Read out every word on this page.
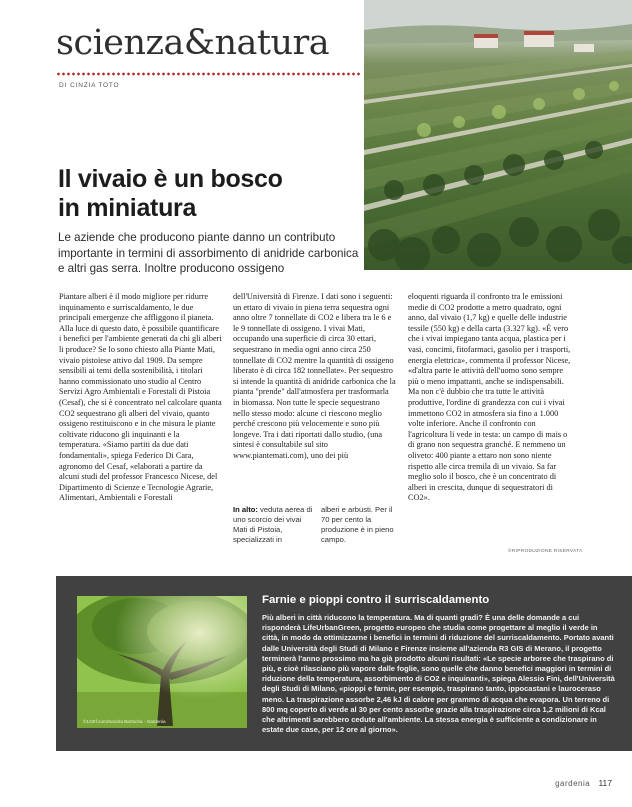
scienza&natura
DI CINZIA TOTO
Il vivaio è un bosco
in miniatura
Le aziende che producono piante danno un contributo importante in termini di assorbimento di anidride carbonica e altri gas serra. Inoltre producono ossigeno
Piantare alberi è il modo migliore per ridurre inquinamento e surriscaldamento, le due principali emergenze che affliggono il pianeta. Alla luce di questo dato, è possibile quantificare i benefici per l'ambiente generati da chi gli alberi li produce? Se lo sono chiesto alla Piante Mati, vivaio pistoiese attivo dal 1909. Da sempre sensibili ai temi della sostenibilità, i titolari hanno commissionato uno studio al Centro Servizi Agro Ambientali e Forestali di Pistoia (Cesaf), che si è concentrato nel calcolare quanta CO2 sequestrano gli alberi del vivaio, quanto ossigeno restituiscono e in che misura le piante coltivate riducono gli inquinanti e la temperatura. «Siamo partiti da due dati fondamentali», spiega Federico Di Cara, agronomo del Cesaf, «elaborati a partire da alcuni studi del professor Francesco Nicese, del Dipartimento di Scienze e Tecnologie Agrarie, Alimentari, Ambientali e Forestali
dell'Università di Firenze. I dati sono i seguenti: un ettaro di vivaio in piena terra sequestra ogni anno oltre 7 tonnellate di CO2 e libera tra le 6 e le 9 tonnellate di ossigeno. I vivai Mati, occupando una superficie di circa 30 ettari, sequestrano in media ogni anno circa 250 tonnellate di CO2 mentre la quantità di ossigeno liberato è di circa 182 tonnellate». Per sequestro si intende la quantità di anidride carbonica che la pianta "prende" dall'atmosfera per trasformarla in biomassa. Non tutte le specie sequestrano nello stesso modo: alcune ci riescono meglio perché crescono più velocemente e sono più longeve. Tra i dati riportati dallo studio, (una sintesi è consultabile sul sito www.piantemati.com), uno dei più
eloquenti riguarda il confronto tra le emissioni medie di CO2 prodotte a metro quadrato, ogni anno, dal vivaio (1,7 kg) e quelle delle industrie tessile (550 kg) e della carta (3.327 kg). «È vero che i vivai impiegano tanta acqua, plastica per i vasi, concimi, fitofarmaci, gasolio per i trasporti, energia elettrica», commenta il professor Nicese, «d'altra parte le attività dell'uomo sono sempre più o meno impattanti, anche se indispensabili. Ma non c'è dubbio che tra tutte le attività produttive, l'ordine di grandezza con cui i vivai immettono CO2 in atmosfera sia fino a 1.000 volte inferiore. Anche il confronto con l'agricoltura li vede in testa: un campo di mais o di grano non sequestra granché. E nemmeno un oliveto: 400 piante a ettaro non sono niente rispetto alle circa tremila di un vivaio. Sa far meglio solo il bosco, che è un concentrato di alberi in crescita, dunque di sequestratori di CO2».
In alto: veduta aerea di uno scorcio dei vivai Mati di Pistoia, specializzati in
alberi e arbusti. Per il 70 per cento la produzione è in pieno campo.
©RIPRODUZIONE RISERVATA
©123rf.com/Sandra Bartocha - Gardenia
Farnie e pioppi contro il surriscaldamento
Più alberi in città riducono la temperatura. Ma di quanti gradi? È una delle domande a cui risponderà LifeUrbanGreen, progetto europeo che studia come progettare al meglio il verde in città, in modo da ottimizzarne i benefici in termini di riduzione del surriscaldamento. Portato avanti dalle Università degli Studi di Milano e Firenze insieme all'azienda R3 GIS di Merano, il progetto terminerà l'anno prossimo ma ha già prodotto alcuni risultati: «Le specie arboree che traspirano di più, e cioè rilasciano più vapore dalle foglie, sono quelle che danno benefici maggiori in termini di riduzione della temperatura, assorbimento di CO2 e inquinanti», spiega Alessio Fini, dell'Università degli Studi di Milano, «pioppi e farnie, per esempio, traspirano tanto, ippocastani e lauroceraso meno. La traspirazione assorbe 2,46 kJ di calore per grammo di acqua che evapora. Un terreno di 800 mq coperto di verde al 30 per cento assorbe grazie alla traspirazione circa 1,2 milioni di Kcal che altrimenti sarebbero cedute all'ambiente. La stessa energia è sufficiente a condizionare in estate due case, per 12 ore al giorno».
gardenia 117
